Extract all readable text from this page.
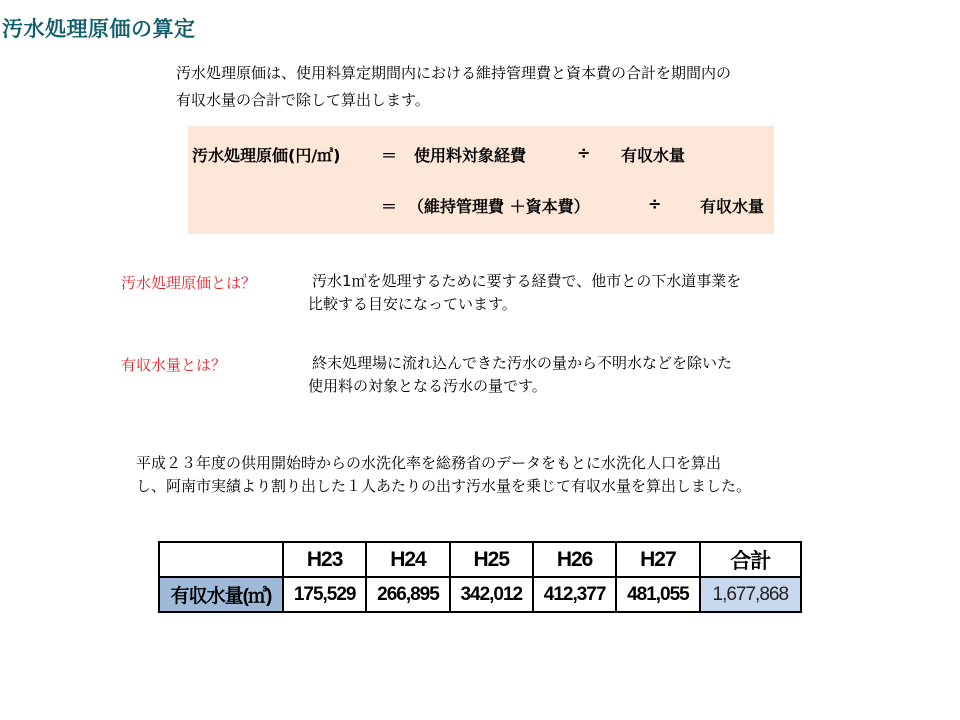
汚水処理原価の算定
汚水処理原価は、使用料算定期間内における維持管理費と資本費の合計を期間内の
有収水量の合計で除して算出します。
汚水処理原価(円/㎥)	＝ 使用料対象経費	÷ 有収水量
＝ （維持管理費 ＋資本費）	÷ 有収水量
汚水処理原価とは？	汚水1㎥を処理するために要する経費で、他市との下水道事業を
比較する目安になっています。
有収水量とは？	終末処理場に流れ込んできた汚水の量から不明水などを除いた
使用料の対象となる汚水の量です。
平成２３年度の供用開始時からの水洗化率を総務省のデータをもとに水洗化人口を算出
し、阿南市実績より割り出した１人あたりの出す汚水量を乗じて有収水量を算出しました。
	H23	H24	H25	H26	H27	合計
有収水量(㎥)	175,529	266,895	342,012	412,377	481,055	1,677,868
